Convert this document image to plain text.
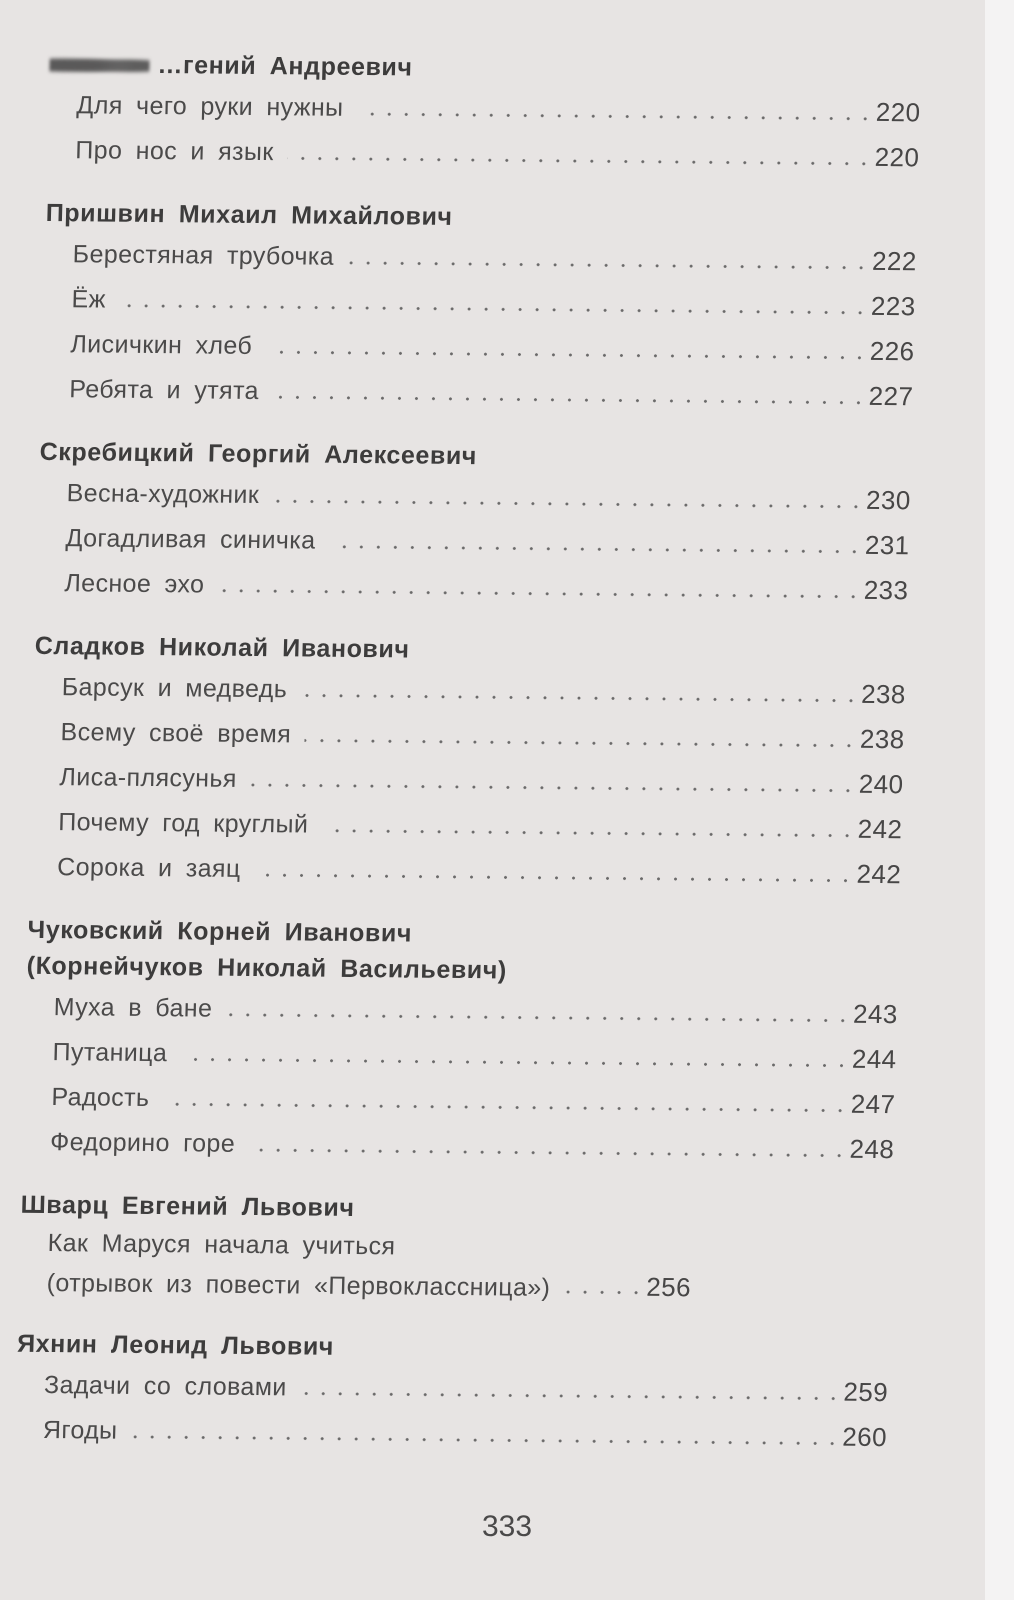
…гений Андреевич
Для чего руки нужны	220
Про нос и язык	220
Пришвин Михаил Михайлович
Берестяная трубочка	222
Ёж	223
Лисичкин хлеб	226
Ребята и утята	227
Скребицкий Георгий Алексеевич
Весна-художник	230
Догадливая синичка	231
Лесное эхо	233
Сладков Николай Иванович
Барсук и медведь	238
Всему своё время	238
Лиса-плясунья	240
Почему год круглый	242
Сорока и заяц	242
Чуковский Корней Иванович
(Корнейчуков Николай Васильевич)
Муха в бане	243
Путаница	244
Радость	247
Федорино горе	248
Шварц Евгений Львович
Как Маруся начала учиться
(отрывок из повести «Первоклассница»)	256
Яхнин Леонид Львович
Задачи со словами	259
Ягоды	260
333
